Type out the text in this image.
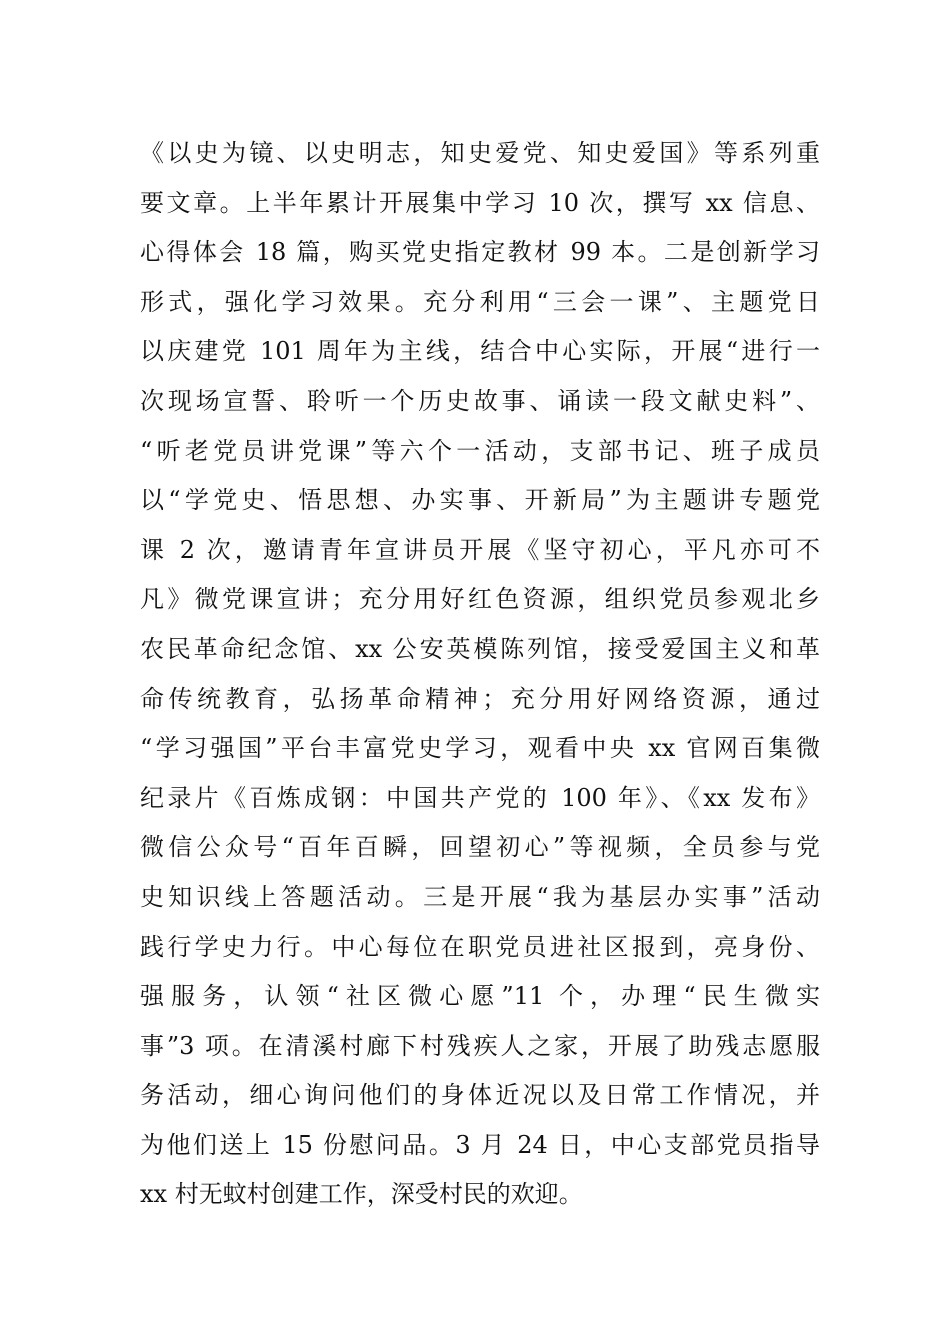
《以史为镜、以史明志，知史爱党、知史爱国》等系列重
要文章。上半年累计开展集中学习 10 次，撰写 xx 信息、
心得体会 18 篇，购买党史指定教材 99 本。二是创新学习
形式，强化学习效果。充分利用“三会一课”、主题党日
以庆建党 101 周年为主线，结合中心实际，开展“进行一
次现场宣誓、聆听一个历史故事、诵读一段文献史料”、
“听老党员讲党课”等六个一活动，支部书记、班子成员
以“学党史、悟思想、办实事、开新局”为主题讲专题党
课 2 次，邀请青年宣讲员开展《坚守初心，平凡亦可不
凡》微党课宣讲；充分用好红色资源，组织党员参观北乡
农民革命纪念馆、xx 公安英模陈列馆，接受爱国主义和革
命传统教育，弘扬革命精神；充分用好网络资源，通过
“学习强国”平台丰富党史学习，观看中央 xx 官网百集微
纪录片《百炼成钢：中国共产党的 100 年》、《xx 发布》
微信公众号“百年百瞬，回望初心”等视频，全员参与党
史知识线上答题活动。三是开展“我为基层办实事”活动
践行学史力行。中心每位在职党员进社区报到，亮身份、
强服务，认领“社区微心愿”11 个，办理“民生微实
事”3 项。在清溪村廊下村残疾人之家，开展了助残志愿服
务活动，细心询问他们的身体近况以及日常工作情况，并
为他们送上 15 份慰问品。3 月 24 日，中心支部党员指导
xx 村无蚊村创建工作，深受村民的欢迎。
